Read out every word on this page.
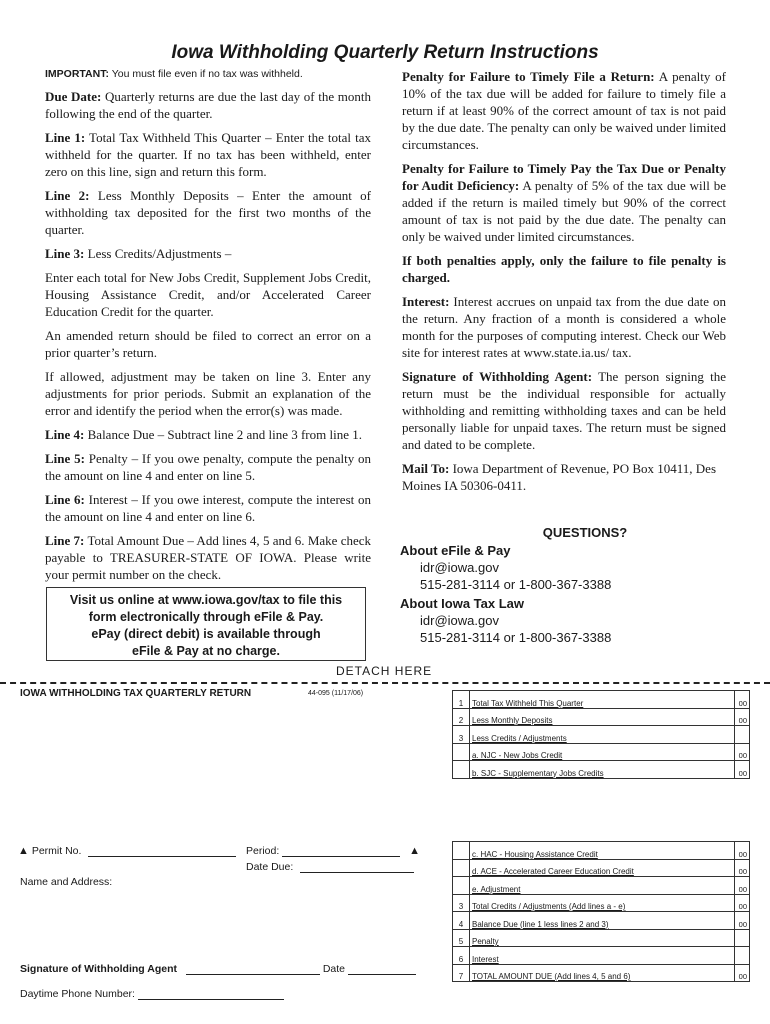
Iowa Withholding Quarterly Return Instructions

IMPORTANT: You must file even if no tax was withheld.

Due Date: Quarterly returns are due the last day of the month following the end of the quarter.

Line 1: Total Tax Withheld This Quarter – Enter the total tax withheld for the quarter. If no tax has been withheld, enter zero on this line, sign and return this form.

Line 2: Less Monthly Deposits – Enter the amount of withholding tax deposited for the first two months of the quarter.

Line 3: Less Credits/Adjustments –

Enter each total for New Jobs Credit, Supplement Jobs Credit, Housing Assistance Credit, and/or Accelerated Career Education Credit for the quarter.

An amended return should be filed to correct an error on a prior quarter’s return.

If allowed, adjustment may be taken on line 3. Enter any adjustments for prior periods. Submit an explanation of the error and identify the period when the error(s) was made.

Line 4: Balance Due – Subtract line 2 and line 3 from line 1.

Line 5: Penalty – If you owe penalty, compute the penalty on the amount on line 4 and enter on line 5.

Line 6: Interest – If you owe interest, compute the interest on the amount on line 4 and enter on line 6.

Line 7: Total Amount Due – Add lines 4, 5 and 6. Make check payable to TREASURER-STATE OF IOWA. Please write your permit number on the check.

Visit us online at www.iowa.gov/tax to file this
form electronically through eFile & Pay.
ePay (direct debit) is available through
eFile & Pay at no charge.

Penalty for Failure to Timely File a Return: A penalty of 10% of the tax due will be added for failure to timely file a return if at least 90% of the correct amount of tax is not paid by the due date. The penalty can only be waived under limited circumstances.

Penalty for Failure to Timely Pay the Tax Due or Penalty for Audit Deficiency: A penalty of 5% of the tax due will be added if the return is mailed timely but 90% of the correct amount of tax is not paid by the due date. The penalty can only be waived under limited circumstances.

If both penalties apply, only the failure to file penalty is charged.

Interest: Interest accrues on unpaid tax from the due date on the return. Any fraction of a month is considered a whole month for the purposes of computing interest. Check our Web site for interest rates at www.state.ia.us/ tax.

Signature of Withholding Agent: The person signing the return must be the individual responsible for actually withholding and remitting withholding taxes and can be held personally liable for unpaid taxes. The return must be signed and dated to be complete.

Mail To: Iowa Department of Revenue, PO Box 10411, Des Moines IA 50306-0411.

QUESTIONS?
About eFile & Pay
idr@iowa.gov
515-281-3114 or 1-800-367-3388
About Iowa Tax Law
idr@iowa.gov
515-281-3114 or 1-800-367-3388
DETACH HERE
IOWA WITHHOLDING TAX QUARTERLY RETURN	44-095 (11/17/06)
1	Total Tax Withheld This Quarter	00
2	Less Monthly Deposits	00
3	Less Credits / Adjustments	
	a. NJC - New Jobs Credit	00
	b. SJC - Supplementary Jobs Credits	00
	c. HAC - Housing Assistance Credit	00
	d. ACE - Accelerated Career Education Credit	00
	e. Adjustment	00
3	Total Credits / Adjustments (Add lines a - e)	00
4	Balance Due (line 1 less lines 2 and 3)	00
5	Penalty	
6	Interest	
7	TOTAL AMOUNT DUE (Add lines 4, 5 and 6)	00
▲ Permit No.	Period:	▲
Date Due:
Name and Address:
Signature of Withholding Agent	Date
Daytime Phone Number:
